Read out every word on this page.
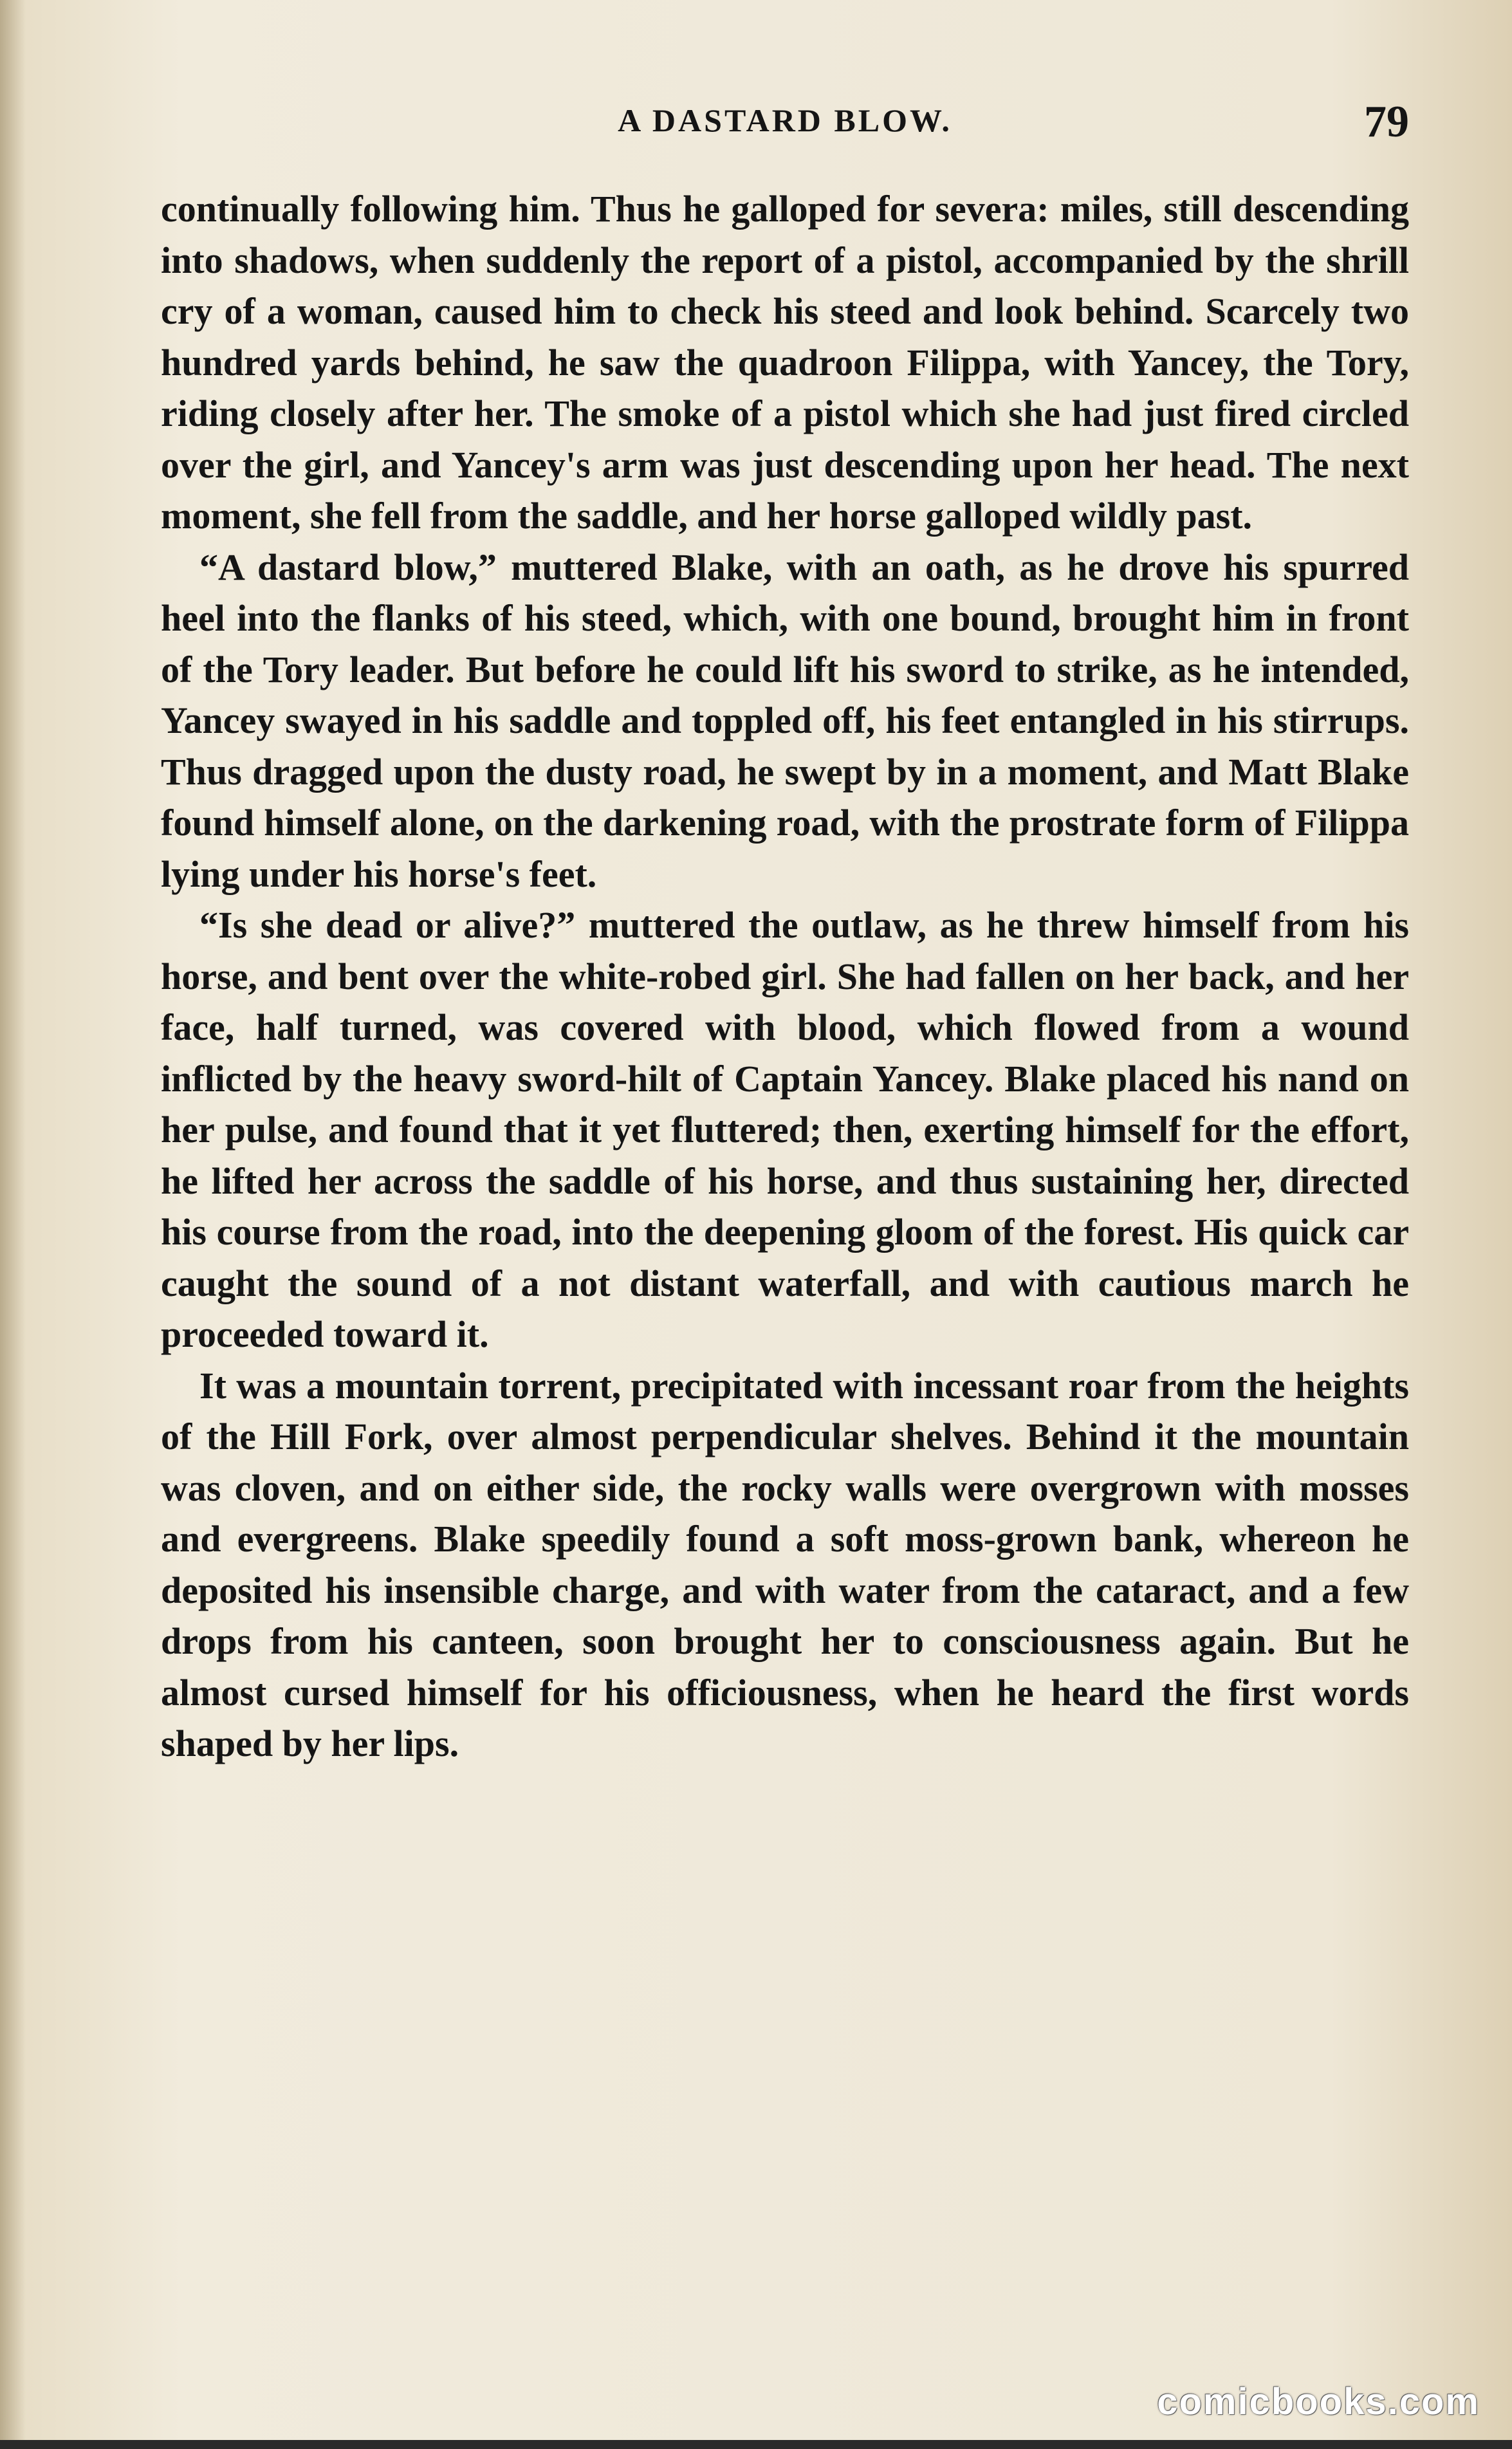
A DASTARD BLOW.	79

continually following him. Thus he galloped for severa: miles, still descending into shadows, when suddenly the report of a pistol, accompanied by the shrill cry of a woman, caused him to check his steed and look behind. Scarcely two hundred yards behind, he saw the quadroon Filippa, with Yancey, the Tory, riding closely after her. The smoke of a pistol which she had just fired circled over the girl, and Yancey's arm was just descending upon her head. The next moment, she fell from the saddle, and her horse galloped wildly past.

“A dastard blow,” muttered Blake, with an oath, as he drove his spurred heel into the flanks of his steed, which, with one bound, brought him in front of the Tory leader. But before he could lift his sword to strike, as he intended, Yancey swayed in his saddle and toppled off, his feet entangled in his stirrups. Thus dragged upon the dusty road, he swept by in a moment, and Matt Blake found himself alone, on the darkening road, with the prostrate form of Filippa lying under his horse's feet.

“Is she dead or alive?” muttered the outlaw, as he threw himself from his horse, and bent over the white-robed girl. She had fallen on her back, and her face, half turned, was covered with blood, which flowed from a wound inflicted by the heavy sword-hilt of Captain Yancey. Blake placed his nand on her pulse, and found that it yet fluttered; then, exerting himself for the effort, he lifted her across the saddle of his horse, and thus sustaining her, directed his course from the road, into the deepening gloom of the forest. His quick car caught the sound of a not distant waterfall, and with cautious march he proceeded toward it.

It was a mountain torrent, precipitated with incessant roar from the heights of the Hill Fork, over almost perpendicular shelves. Behind it the mountain was cloven, and on either side, the rocky walls were overgrown with mosses and evergreens. Blake speedily found a soft moss-grown bank, whereon he deposited his insensible charge, and with water from the cataract, and a few drops from his canteen, soon brought her to consciousness again. But he almost cursed himself for his officiousness, when he heard the first words shaped by her lips.

comicbooks.com
